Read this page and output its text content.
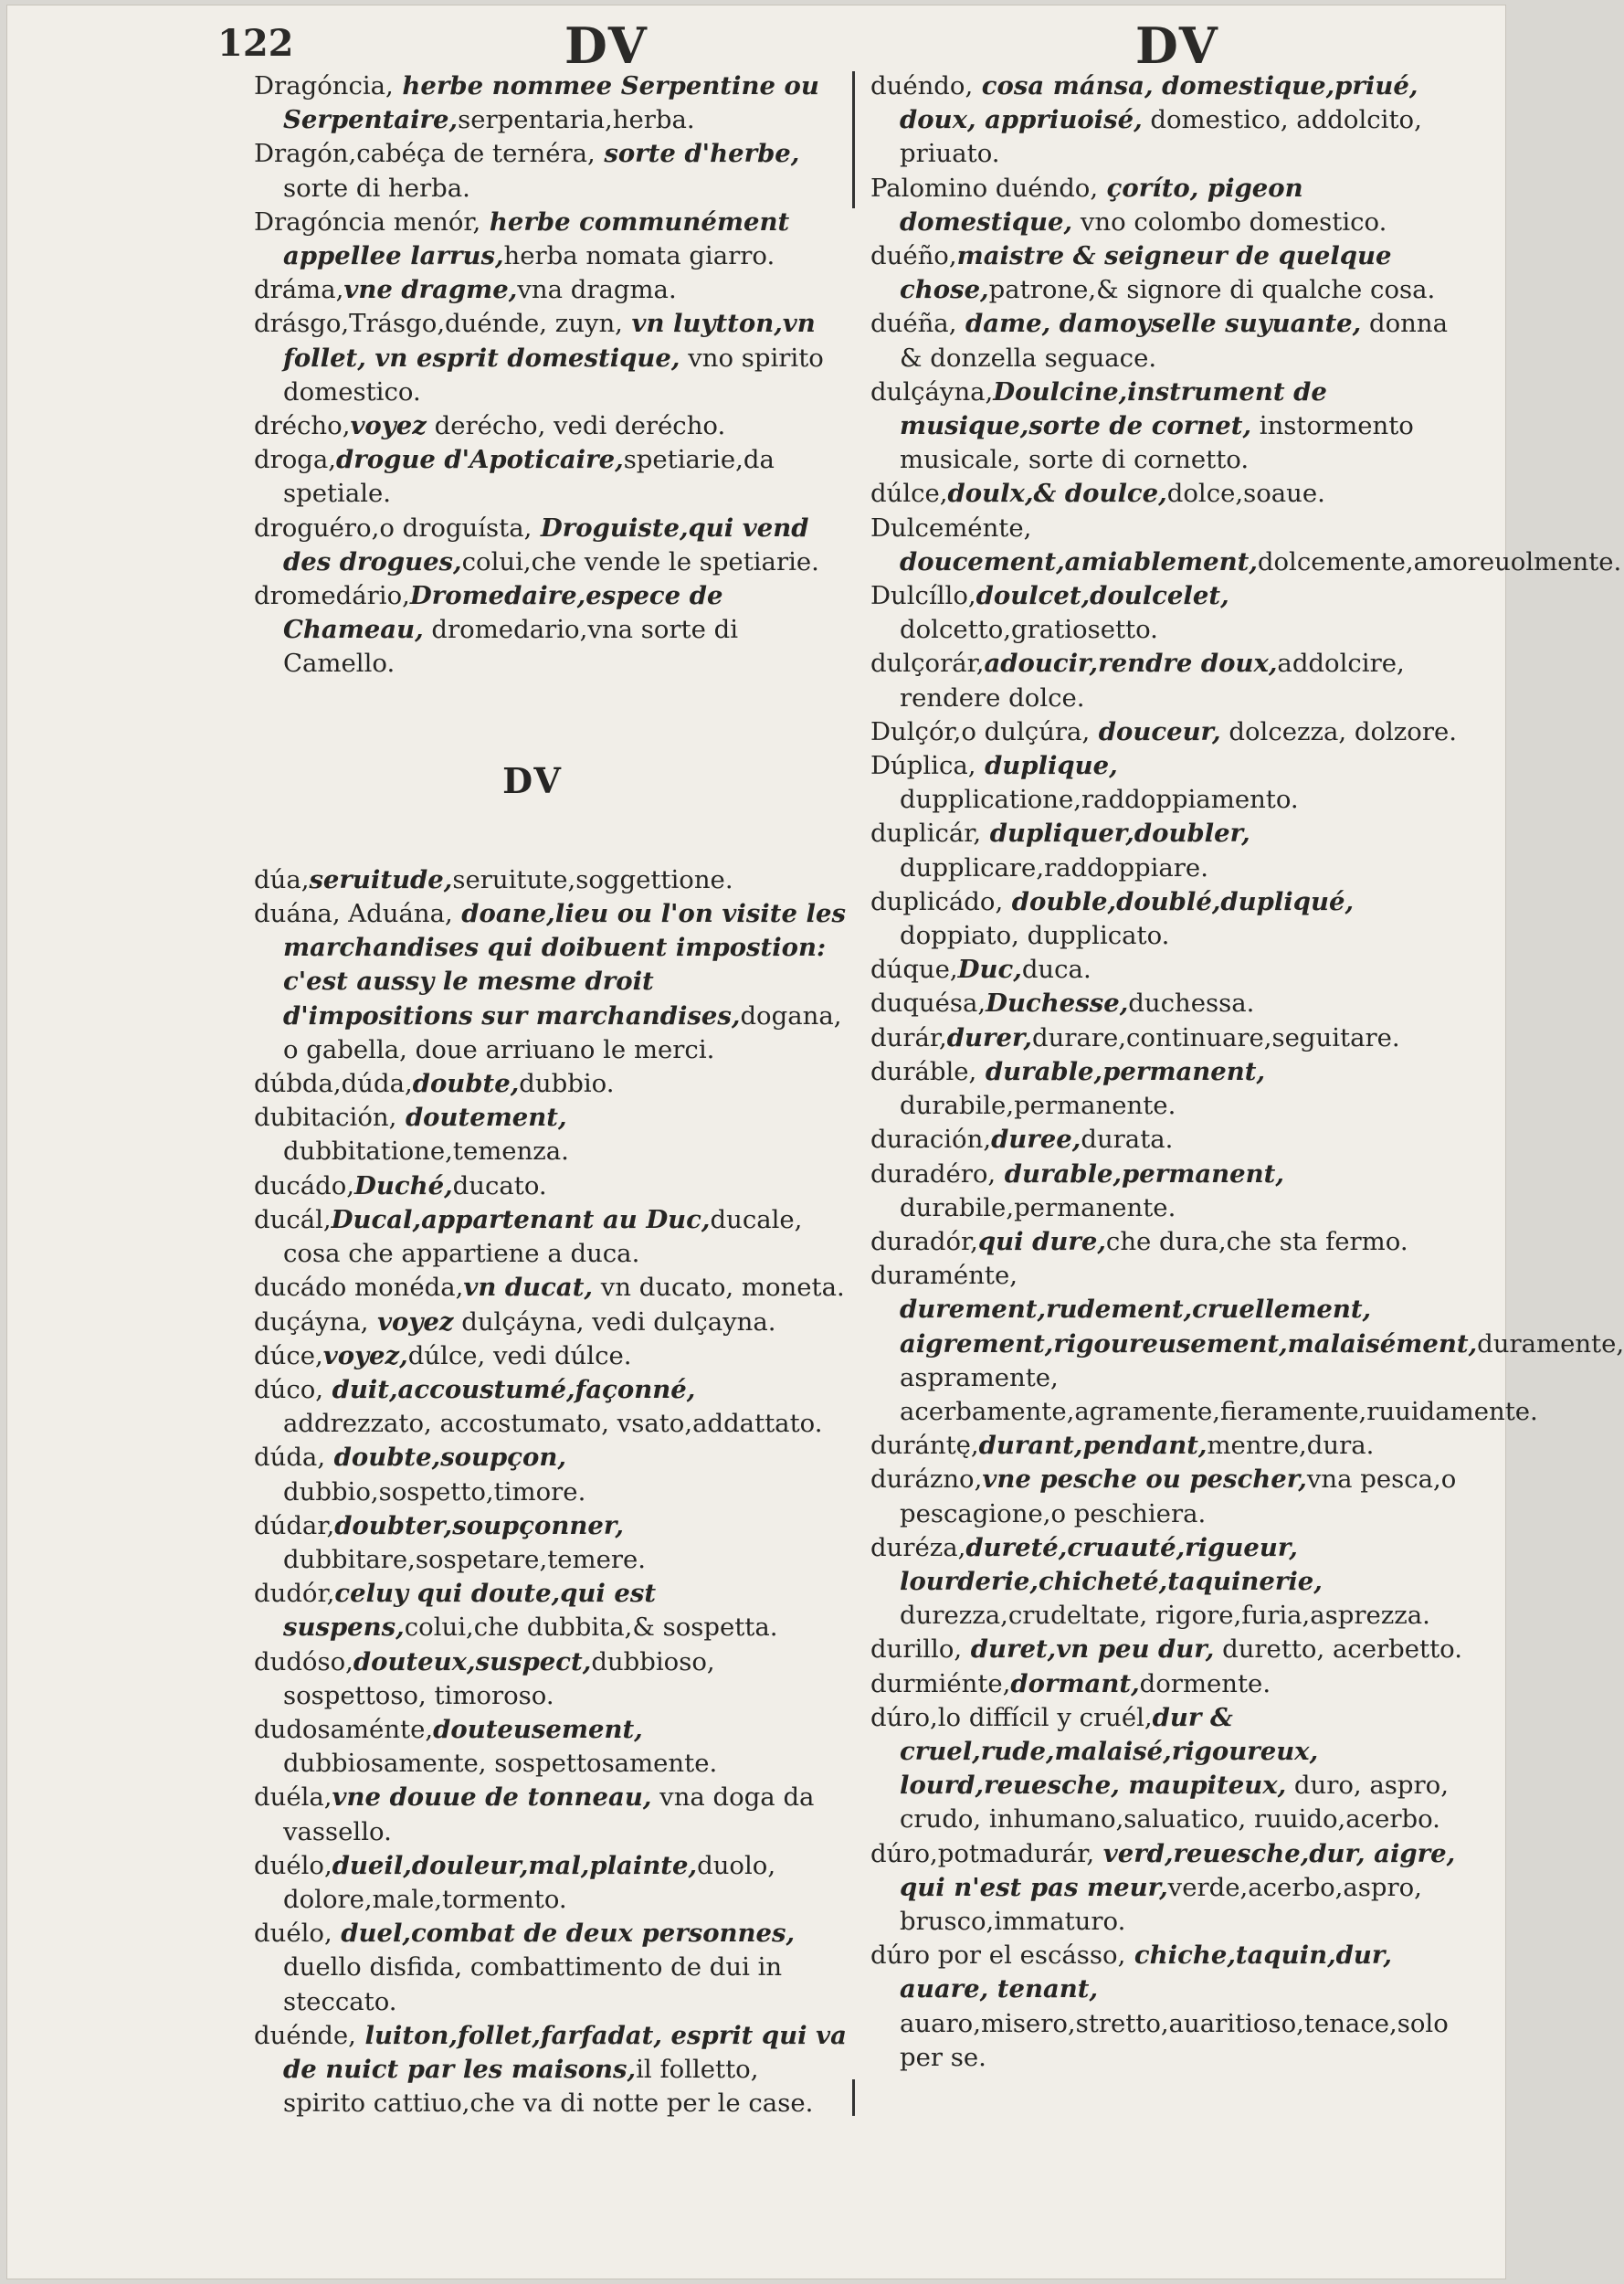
122	DV	DV

Dragóncia, herbe nommee Serpentine ou Serpentaire,serpentaria,herba.

Dragón,cabéça de ternéra, sorte d'herbe, sorte di herba.

Dragóncia menór, herbe communément appellee larrus,herba nomata giarro.

dráma,vne dragme,vna dragma.

drásgo,Trásgo,duénde, zuyn, vn luytton,vn follet, vn esprit domestique, vno spirito domestico.

drécho,voyez derécho, vedi derécho.

droga,drogue d'Apoticaire,spetiarie,da spetiale.

droguéro,o droguísta, Droguiste,qui vend des drogues,colui,che vende le spetiarie.

dromedário,Dromedaire,espece de Chameau, dromedario,vna sorte di Camello.

DV

dúa,seruitude,seruitute,soggettione.

duána, Aduána, doane,lieu ou l'on visite les marchandises qui doibuent impostion: c'est aussy le mesme droit d'impositions sur marchandises,dogana, o gabella, doue arriuano le merci.

dúbda,dúda,doubte,dubbio.

dubitación, doutement, dubbitatione,temenza.

ducádo,Duché,ducato.

ducál,Ducal,appartenant au Duc,ducale, cosa che appartiene a duca.

ducádo monéda,vn ducat, vn ducato, moneta.

duçáyna, voyez dulçáyna, vedi dulçayna.

dúce,voyez,dúlce, vedi dúlce.

dúco, duit,accoustumé,façonné, addrezzato, accostumato, vsato,addattato.

dúda, doubte,soupçon, dubbio,sospetto,timore.

dúdar,doubter,soupçonner, dubbitare,sospetare,temere.

dudór,celuy qui doute,qui est suspens,colui,che dubbita,& sospetta.

dudóso,douteux,suspect,dubbioso, sospettoso, timoroso.

dudosaménte,douteusement, dubbiosamente, sospettosamente.

duéla,vne douue de tonneau, vna doga da vassello.

duélo,dueil,douleur,mal,plainte,duolo, dolore,male,tormento.

duélo, duel,combat de deux personnes, duello disfida, combattimento de dui in steccato.

duénde, luiton,follet,farfadat, esprit qui va de nuict par les maisons,il folletto, spirito cattiuo,che va di notte per le case.

duéndo, cosa mánsa, domestique,priué, doux, appriuoisé, domestico, addolcito, priuato.

Palomino duéndo, çoríto, pigeon domestique, vno colombo domestico.

duéño,maistre & seigneur de quelque chose,patrone,& signore di qualche cosa.

duéña, dame, damoyselle suyuante, donna & donzella seguace.

dulçáyna,Doulcine,instrument de musique,sorte de cornet, instormento musicale, sorte di cornetto.

dúlce,doulx,& doulce,dolce,soaue.

Dulceménte, doucement,amiablement,dolcemente,amoreuolmente.

Dulcíllo,doulcet,doulcelet, dolcetto,gratiosetto.

dulçorár,adoucir,rendre doux,addolcire, rendere dolce.

Dulçór,o dulçúra, douceur, dolcezza, dolzore.

Dúplica, duplique, dupplicatione,raddoppiamento.

duplicár, dupliquer,doubler, dupplicare,raddoppiare.

duplicádo, double,doublé,dupliqué, doppiato, dupplicato.

dúque,Duc,duca.

duquésa,Duchesse,duchessa.

durár,durer,durare,continuare,seguitare.

duráble, durable,permanent, durabile,permanente.

duración,duree,durata.

duradéro, durable,permanent, durabile,permanente.

duradór,qui dure,che dura,che sta fermo.

duraménte, durement,rudement,cruellement, aigrement,rigoureusement,malaisément,duramente, aspramente, acerbamente,agramente,fieramente,ruuidamente.

durántę,durant,pendant,mentre,dura.

durázno,vne pesche ou pescher,vna pesca,o pescagione,o peschiera.

duréza,dureté,cruauté,rigueur, lourderie,chicheté,taquinerie, durezza,crudeltate, rigore,furia,asprezza.

durillo, duret,vn peu dur, duretto, acerbetto.

durmiénte,dormant,dormente.

dúro,lo diffícil y cruél,dur & cruel,rude,malaisé,rigoureux, lourd,reuesche, maupiteux, duro, aspro, crudo, inhumano,saluatico, ruuido,acerbo.

dúro,potmadurár, verd,reuesche,dur, aigre, qui n'est pas meur,verde,acerbo,aspro, brusco,immaturo.

dúro por el escásso, chiche,taquin,dur, auare, tenant, auaro,misero,stretto,auaritioso,tenace,solo per se.
